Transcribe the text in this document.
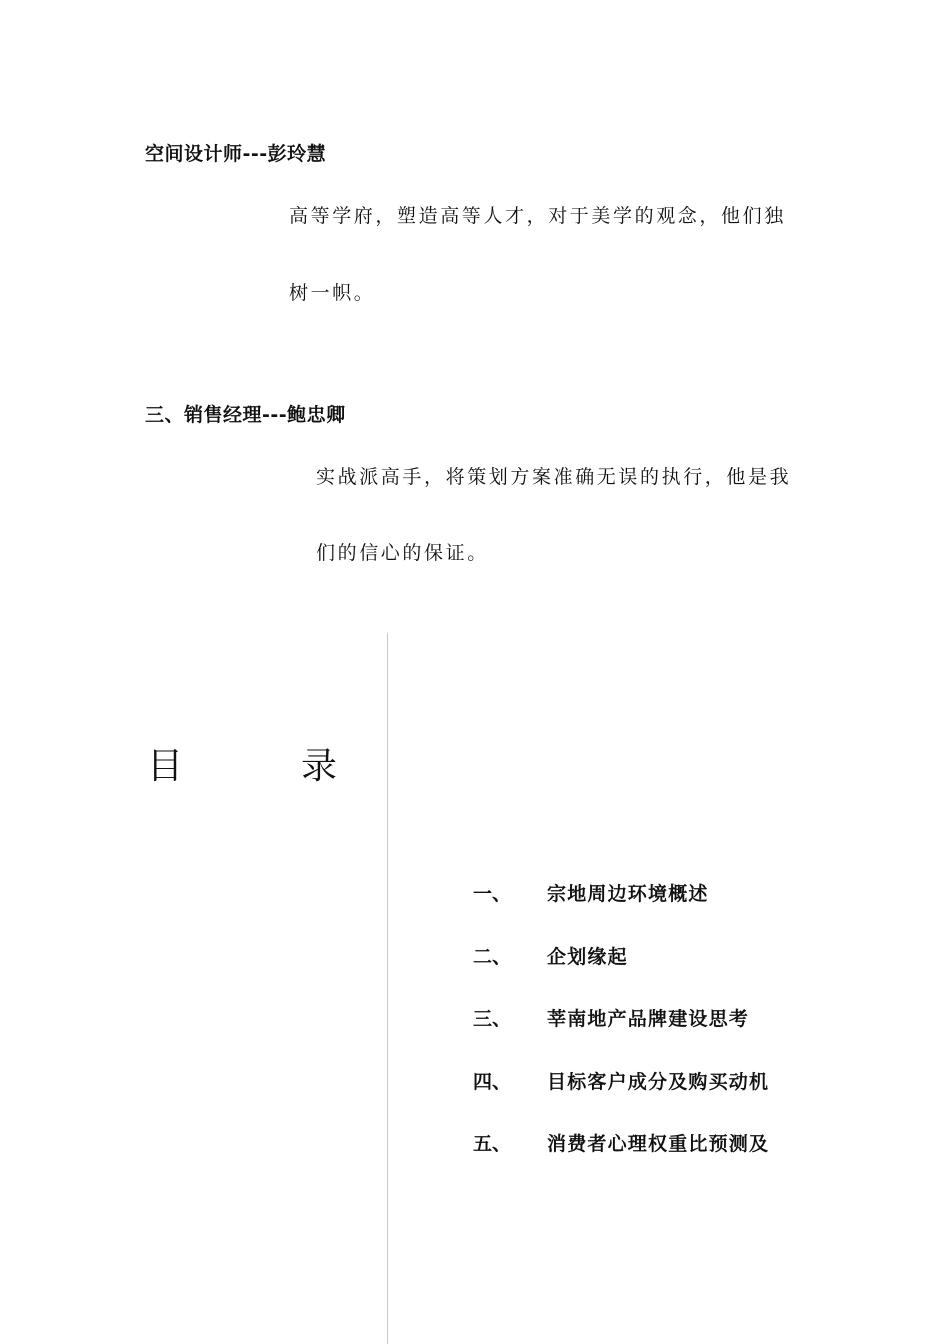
空间设计师---彭玲慧
高等学府，塑造高等人才，对于美学的观念，他们独
树一帜。
三、销售经理---鲍忠卿
实战派高手，将策划方案准确无误的执行，他是我
们的信心的保证。
目	录
一、 宗地周边环境概述
二、 企划缘起
三、 莘南地产品牌建设思考
四、 目标客户成分及购买动机
五、 消费者心理权重比预测及
